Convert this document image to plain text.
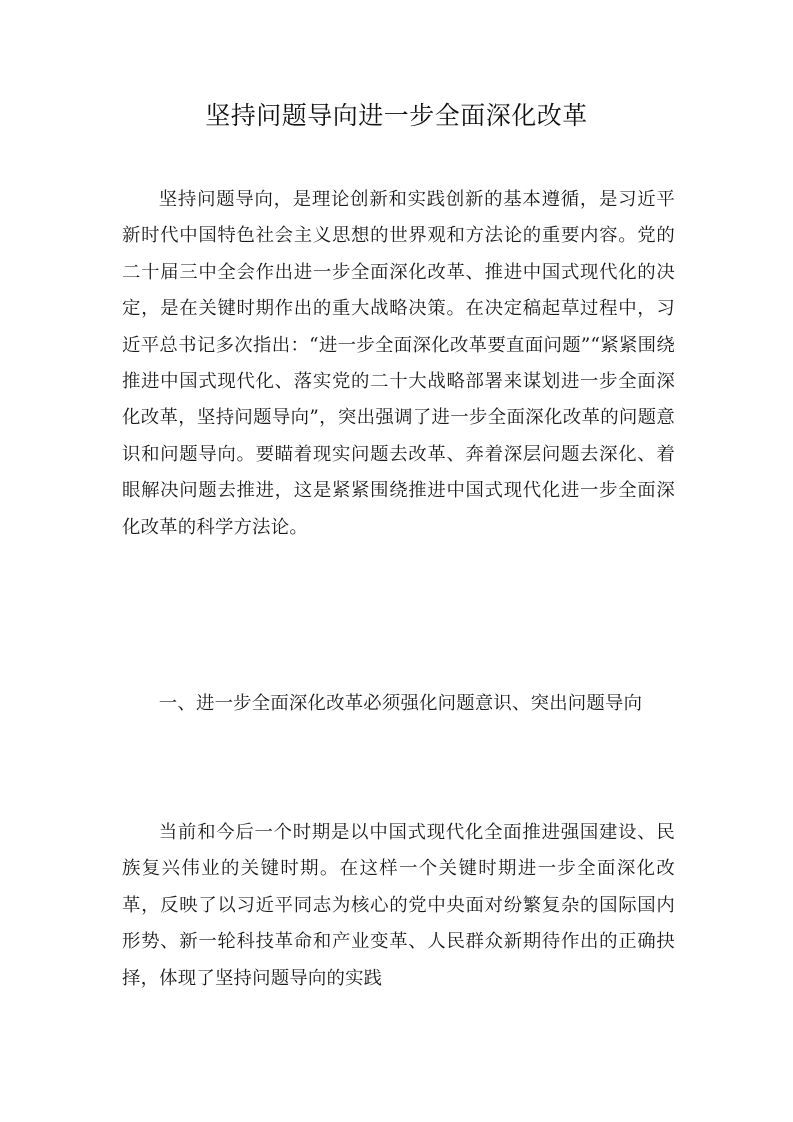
坚持问题导向进一步全面深化改革

坚持问题导向，是理论创新和实践创新的基本遵循，是习近平新时代中国特色社会主义思想的世界观和方法论的重要内容。党的二十届三中全会作出进一步全面深化改革、推进中国式现代化的决定，是在关键时期作出的重大战略决策。在决定稿起草过程中，习近平总书记多次指出：“进一步全面深化改革要直面问题”“紧紧围绕推进中国式现代化、落实党的二十大战略部署来谋划进一步全面深化改革，坚持问题导向”，突出强调了进一步全面深化改革的问题意识和问题导向。要瞄着现实问题去改革、奔着深层问题去深化、着眼解决问题去推进，这是紧紧围绕推进中国式现代化进一步全面深化改革的科学方法论。

一、进一步全面深化改革必须强化问题意识、突出问题导向

当前和今后一个时期是以中国式现代化全面推进强国建设、民族复兴伟业的关键时期。在这样一个关键时期进一步全面深化改革，反映了以习近平同志为核心的党中央面对纷繁复杂的国际国内形势、新一轮科技革命和产业变革、人民群众新期待作出的正确抉择，体现了坚持问题导向的实践
